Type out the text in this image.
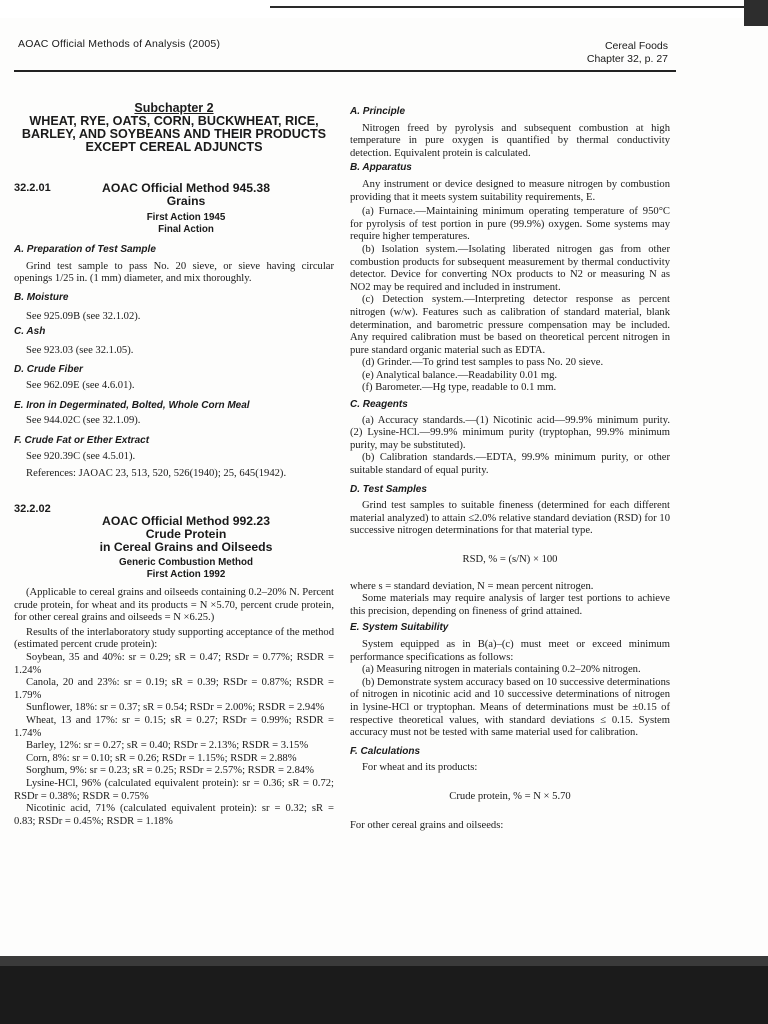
AOAC Official Methods of Analysis (2005)	Cereal Foods
Chapter 32, p. 27
Subchapter 2
WHEAT, RYE, OATS, CORN, BUCKWHEAT, RICE, BARLEY, AND SOYBEANS AND THEIR PRODUCTS EXCEPT CEREAL ADJUNCTS
32.2.01	AOAC Official Method 945.38
Grains
First Action 1945
Final Action
A. Preparation of Test Sample

Grind test sample to pass No. 20 sieve, or sieve having circular openings 1/25 in. (1 mm) diameter, and mix thoroughly.

B. Moisture

See 925.09B (see 32.1.02).

C. Ash

See 923.03 (see 32.1.05).

D. Crude Fiber

See 962.09E (see 4.6.01).

E. Iron in Degerminated, Bolted, Whole Corn Meal

See 944.02C (see 32.1.09).

F. Crude Fat or Ether Extract

See 920.39C (see 4.5.01).

References: JAOAC 23, 513, 520, 526(1940); 25, 645(1942).

32.2.02
AOAC Official Method 992.23
Crude Protein
in Cereal Grains and Oilseeds
Generic Combustion Method
First Action 1992

(Applicable to cereal grains and oilseeds containing 0.2–20% N. Percent crude protein, for wheat and its products = N ×5.70, percent crude protein, for other cereal grains and oilseeds = N ×6.25.)

Results of the interlaboratory study supporting acceptance of the method (estimated percent crude protein):

Soybean, 35 and 40%: sr = 0.29; sR = 0.47; RSDr = 0.77%; RSDR = 1.24%

Canola, 20 and 23%: sr = 0.19; sR = 0.39; RSDr = 0.87%; RSDR = 1.79%

Sunflower, 18%: sr = 0.37; sR = 0.54; RSDr = 2.00%; RSDR = 2.94%

Wheat, 13 and 17%: sr = 0.15; sR = 0.27; RSDr = 0.99%; RSDR = 1.74%

Barley, 12%: sr = 0.27; sR = 0.40; RSDr = 2.13%; RSDR = 3.15%

Corn, 8%: sr = 0.10; sR = 0.26; RSDr = 1.15%; RSDR = 2.88%

Sorghum, 9%: sr = 0.23; sR = 0.25; RSDr = 2.57%; RSDR = 2.84%

Lysine-HCl, 96% (calculated equivalent protein): sr = 0.36; sR = 0.72; RSDr = 0.38%; RSDR = 0.75%

Nicotinic acid, 71% (calculated equivalent protein): sr = 0.32; sR = 0.83; RSDr = 0.45%; RSDR = 1.18%

A. Principle

Nitrogen freed by pyrolysis and subsequent combustion at high temperature in pure oxygen is quantified by thermal conductivity detection. Equivalent protein is calculated.

B. Apparatus

Any instrument or device designed to measure nitrogen by combustion providing that it meets system suitability requirements, E.

(a) Furnace.—Maintaining minimum operating temperature of 950°C for pyrolysis of test portion in pure (99.9%) oxygen. Some systems may require higher temperatures.

(b) Isolation system.—Isolating liberated nitrogen gas from other combustion products for subsequent measurement by thermal conductivity detector. Device for converting NOx products to N2 or measuring N as NO2 may be required and included in instrument.

(c) Detection system.—Interpreting detector response as percent nitrogen (w/w). Features such as calibration of standard material, blank determination, and barometric pressure compensation may be included. Any required calibration must be based on theoretical percent nitrogen in pure standard organic material such as EDTA.

(d) Grinder.—To grind test samples to pass No. 20 sieve.

(e) Analytical balance.—Readability 0.01 mg.

(f) Barometer.—Hg type, readable to 0.1 mm.

C. Reagents

(a) Accuracy standards.—(1) Nicotinic acid—99.9% minimum purity. (2) Lysine-HCl.—99.9% minimum purity (tryptophan, 99.9% minimum purity, may be substituted).

(b) Calibration standards.—EDTA, 99.9% minimum purity, or other suitable standard of equal purity.

D. Test Samples

Grind test samples to suitable fineness (determined for each different material analyzed) to attain ≤2.0% relative standard deviation (RSD) for 10 successive nitrogen determinations for that material type.

RSD, % = (s/N) × 100

where s = standard deviation, N = mean percent nitrogen.

Some materials may require analysis of larger test portions to achieve this precision, depending on fineness of grind attained.

E. System Suitability

System equipped as in B(a)–(c) must meet or exceed minimum performance specifications as follows:

(a) Measuring nitrogen in materials containing 0.2–20% nitrogen.

(b) Demonstrate system accuracy based on 10 successive determinations of nitrogen in nicotinic acid and 10 successive determinations of nitrogen in lysine-HCl or tryptophan. Means of determinations must be ±0.15 of respective theoretical values, with standard deviations ≤ 0.15. System accuracy must not be tested with same material used for calibration.

F. Calculations

For wheat and its products:

Crude protein, % = N × 5.70

For other cereal grains and oilseeds:
